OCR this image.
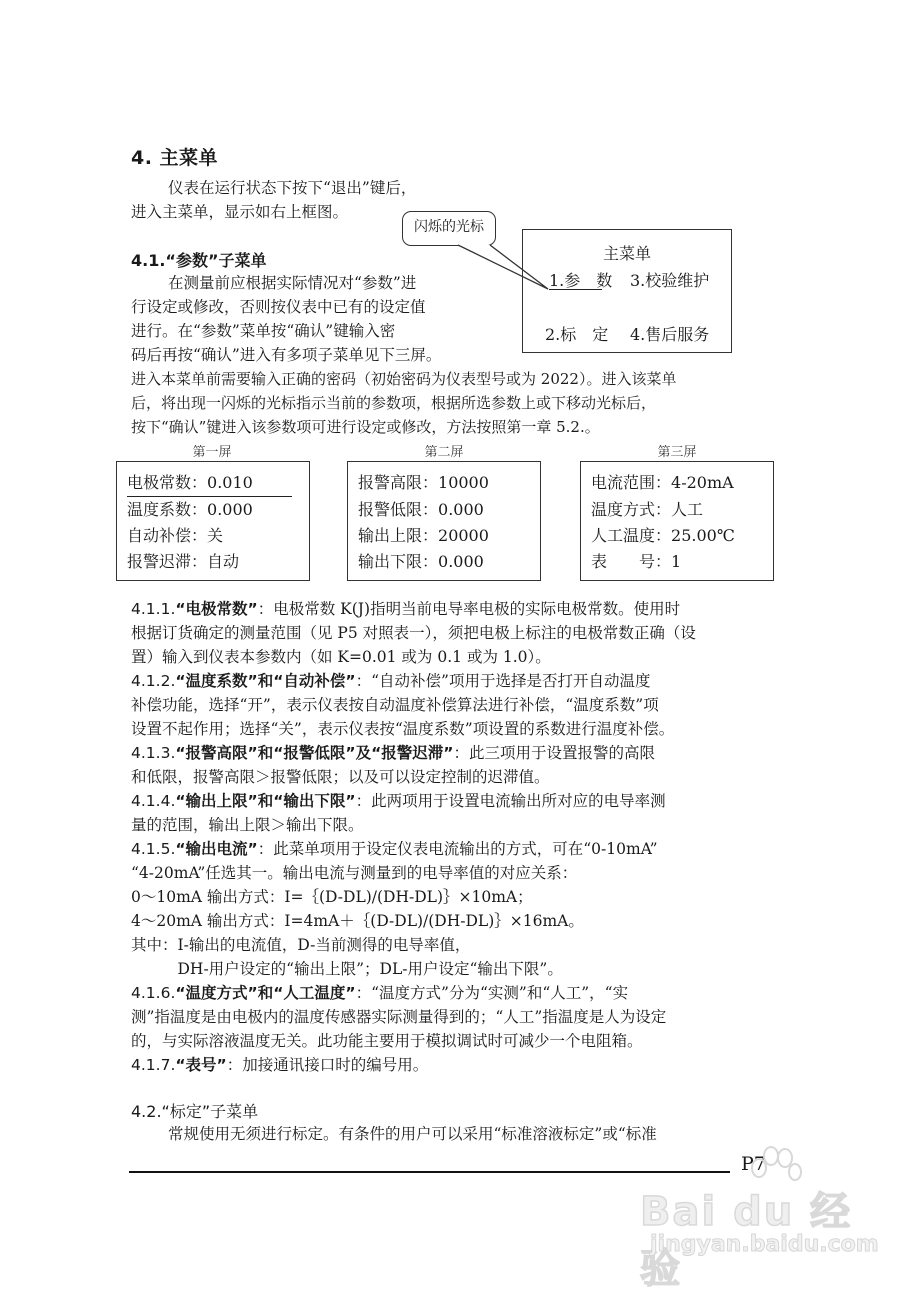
4. 主菜单
仪表在运行状态下按下“退出”键后，
进入主菜单，显示如右上框图。
闪烁的光标
主菜单
1.参　数 3.校验维护
2.标　定 4.售后服务
4.1.“参数”子菜单
在测量前应根据实际情况对“参数”进
行设定或修改，否则按仪表中已有的设定值
进行。在“参数”菜单按“确认”键输入密
码后再按“确认”进入有多项子菜单见下三屏。
进入本菜单前需要输入正确的密码（初始密码为仪表型号或为 2022）。进入该菜单
后，将出现一闪烁的光标指示当前的参数项，根据所选参数上或下移动光标后，
按下“确认”键进入该参数项可进行设定或修改，方法按照第一章 5.2.。
第一屏	第二屏	第三屏
电极常数：0.010
温度系数：0.000
自动补偿：关
报警迟滞：自动
报警高限：10000
报警低限：0.000
输出上限：20000
输出下限：0.000
电流范围：4-20mA
温度方式：人工
人工温度：25.00℃
表　　号：1
4.1.1.“电极常数”：电极常数 K(J)指明当前电导率电极的实际电极常数。使用时
根据订货确定的测量范围（见 P5 对照表一），须把电极上标注的电极常数正确（设
置）输入到仪表本参数内（如 K=0.01 或为 0.1 或为 1.0）。
4.1.2.“温度系数”和“自动补偿”：“自动补偿”项用于选择是否打开自动温度
补偿功能，选择“开”，表示仪表按自动温度补偿算法进行补偿，“温度系数”项
设置不起作用；选择“关”，表示仪表按“温度系数”项设置的系数进行温度补偿。
4.1.3.“报警高限”和“报警低限”及“报警迟滞”：此三项用于设置报警的高限
和低限，报警高限＞报警低限；以及可以设定控制的迟滞值。
4.1.4.“输出上限”和“输出下限”：此两项用于设置电流输出所对应的电导率测
量的范围，输出上限＞输出下限。
4.1.5.“输出电流”：此菜单项用于设定仪表电流输出的方式，可在“0-10mA”
“4-20mA”任选其一。输出电流与测量到的电导率值的对应关系：
0～10mA 输出方式：I=｛(D-DL)/(DH-DL)｝×10mA；
4～20mA 输出方式：I=4mA＋｛(D-DL)/(DH-DL)｝×16mA。
其中：I-输出的电流值，D-当前测得的电导率值，
　　　DH-用户设定的“输出上限”；DL-用户设定“输出下限”。
4.1.6.“温度方式”和“人工温度”：“温度方式”分为“实测”和“人工”，“实
测”指温度是由电极内的温度传感器实际测量得到的；“人工”指温度是人为设定
的，与实际溶液温度无关。此功能主要用于模拟调试时可减少一个电阻箱。
4.1.7.“表号”：加接通讯接口时的编号用。
4.2.“标定”子菜单
常规使用无须进行标定。有条件的用户可以采用“标准溶液标定”或“标准
P7
Bai du 经验
jingyan.baidu.com
